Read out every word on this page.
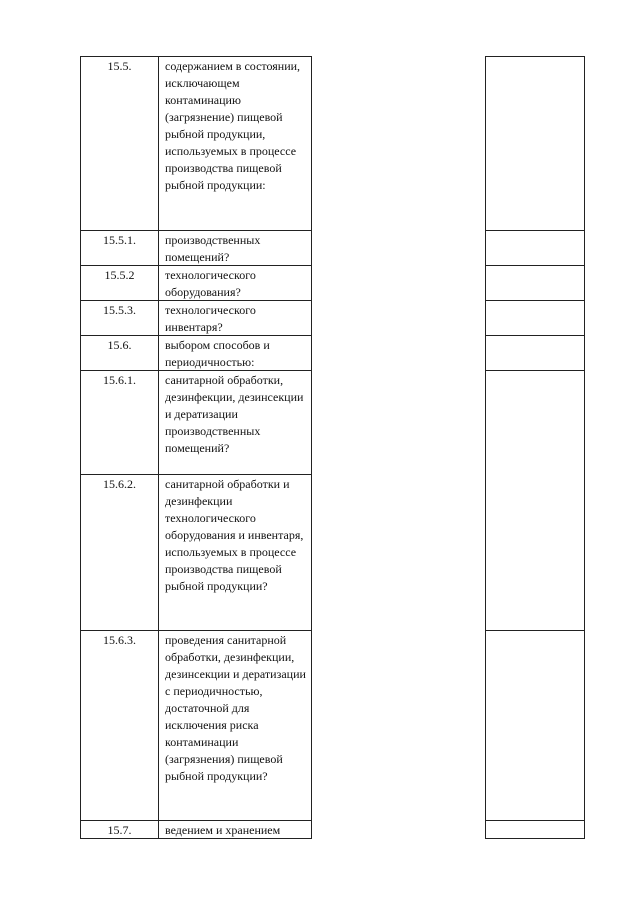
15.5.	содержанием в состоянии, исключающем контаминацию (загрязнение) пищевой рыбной продукции, используемых в процессе производства пищевой рыбной продукции:
15.5.1.	производственных помещений?
15.5.2	технологического оборудования?
15.5.3.	технологического инвентаря?
15.6.	выбором способов и периодичностью:
15.6.1.	санитарной обработки, дезинфекции, дезинсекции и дератизации производственных помещений?
15.6.2.	санитарной обработки и дезинфекции технологического оборудования и инвентаря, используемых в процессе производства пищевой рыбной продукции?
15.6.3.	проведения санитарной обработки, дезинфекции, дезинсекции и дератизации с периодичностью, достаточной для исключения риска контаминации (загрязнения) пищевой рыбной продукции?
15.7.	ведением и хранением
